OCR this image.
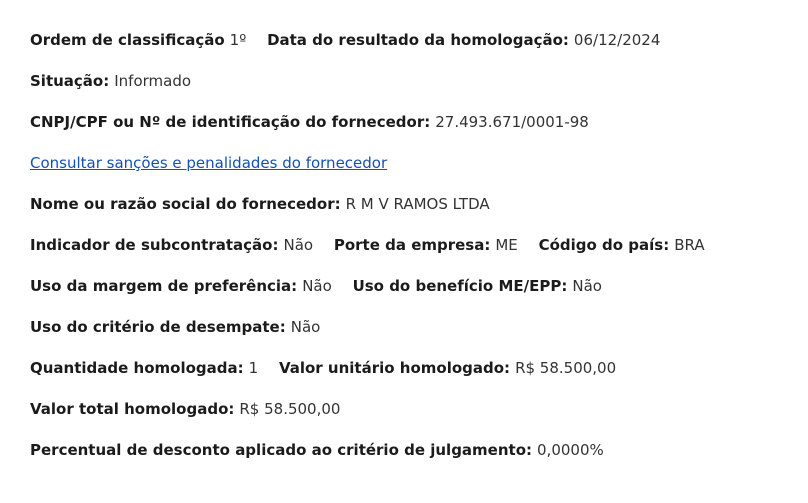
Ordem de classificação 1º Data do resultado da homologação: 06/12/2024
Situação: Informado
CNPJ/CPF ou Nº de identificação do fornecedor: 27.493.671/0001-98
Consultar sanções e penalidades do fornecedor
Nome ou razão social do fornecedor: R M V RAMOS LTDA
Indicador de subcontratação: Não Porte da empresa: ME Código do país: BRA
Uso da margem de preferência: Não Uso do benefício ME/EPP: Não
Uso do critério de desempate: Não
Quantidade homologada: 1 Valor unitário homologado: R$ 58.500,00
Valor total homologado: R$ 58.500,00
Percentual de desconto aplicado ao critério de julgamento: 0,0000%
